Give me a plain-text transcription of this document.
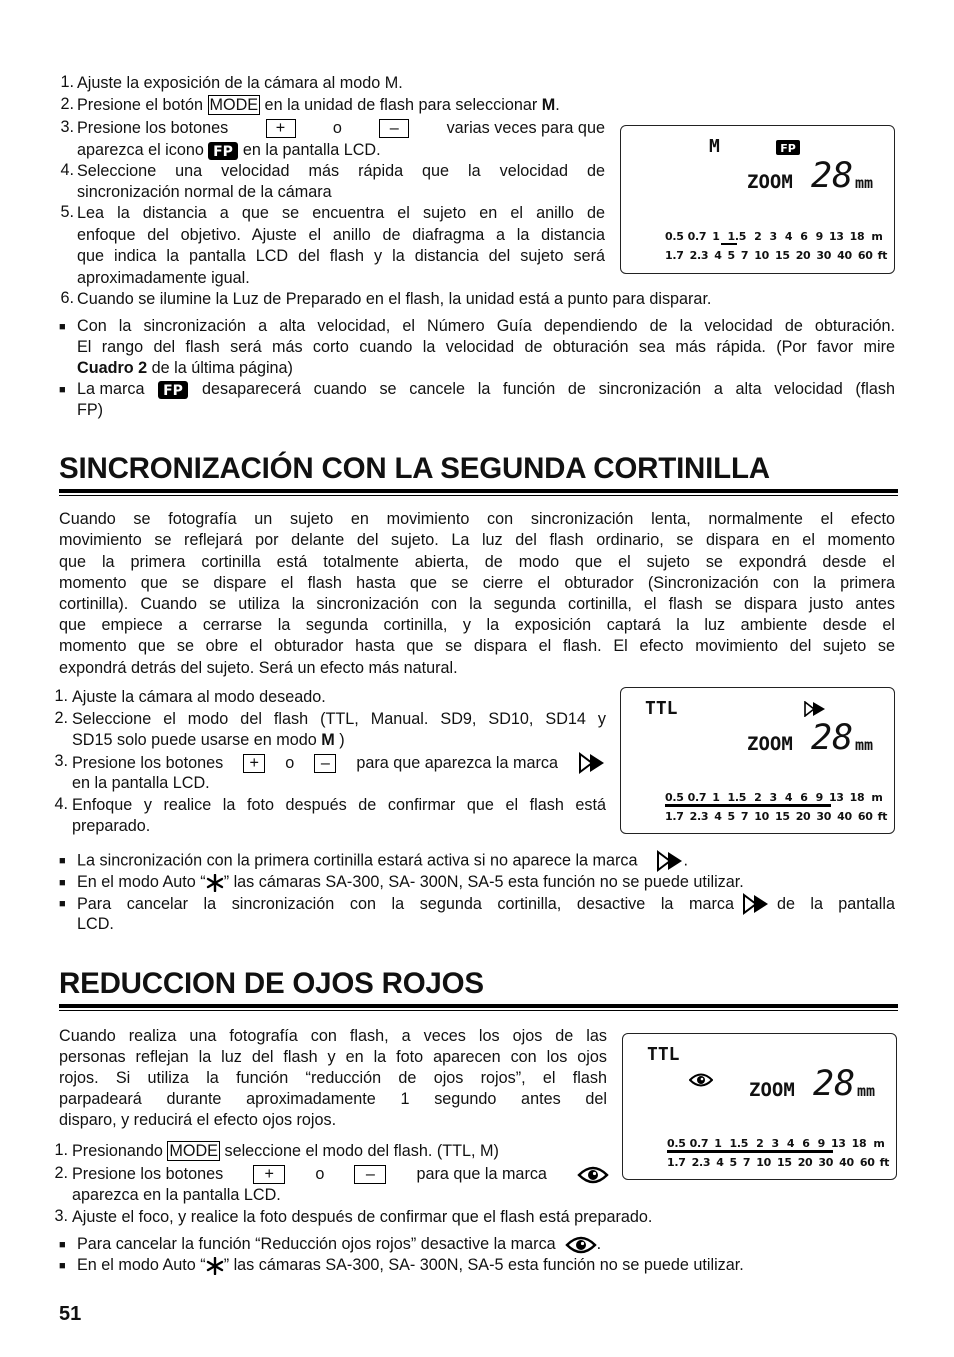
1. Ajuste la exposición de la cámara al modo M.
2. Presione el botón MODE en la unidad de flash para seleccionar M.
3. Presione los botones	+	o	–	varias veces para que
aparezca el icono FP en la pantalla LCD.
4. Seleccione una velocidad más rápida que la velocidad de
sincronización normal de la cámara
5. Lea la distancia a que se encuentra el sujeto en el anillo de
enfoque del objetivo. Ajuste el anillo de diafragma a la distancia
que indica la pantalla LCD del flash y la distancia del sujeto será
aproximadamente igual.
6. Cuando se ilumine la Luz de Preparado en el flash, la unidad está a punto para disparar.
M	FP
ZOOM 28 mm
0.5 0.7 1 1.5 2 3 4 6 9 13 18 m
1.7 2.3 4 5 7 10 15 20 30 40 60 ft
■ Con la sincronización a alta velocidad, el Número Guía dependiendo de la velocidad de obturación.
El rango del flash será más corto cuando la velocidad de obturación sea más rápida. (Por favor mire
Cuadro 2 de la última página)
■ La marca FP desaparecerá cuando se cancele la función de sincronización a alta velocidad (flash
FP)
SINCRONIZACIÓN CON LA SEGUNDA CORTINILLA
Cuando se fotografía un sujeto en movimiento con sincronización lenta, normalmente el efecto
movimiento se reflejará por delante del sujeto. La luz del flash ordinario, se dispara en el momento
que la primera cortinilla está totalmente abierta, de modo que el sujeto se expondrá desde el
momento que se dispare el flash hasta que se cierre el obturador (Sincronización con la primera
cortinilla). Cuando se utiliza la sincronización con la segunda cortinilla, el flash se dispara justo antes
que empiece a cerrarse la segunda cortinilla, y la exposición captará la luz ambiente desde el
momento que se obre el obturador hasta que se dispara el flash. El efecto movimiento del sujeto se
expondrá detrás del sujeto. Será un efecto más natural.
1. Ajuste la cámara al modo deseado.
2. Seleccione el modo del flash (TTL, Manual. SD9, SD10, SD14 y
SD15 solo puede usarse en modo M )
3. Presione los botones	+	o	–	para que aparezca la marca
en la pantalla LCD.
4. Enfoque y realice la foto después de confirmar que el flash está
preparado.
TTL
ZOOM 28 mm
0.5 0.7 1 1.5 2 3 4 6 9 13 18 m
1.7 2.3 4 5 7 10 15 20 30 40 60 ft
■ La sincronización con la primera cortinilla estará activa si no aparece la marca	.
■ En el modo Auto “ ” las cámaras SA-300, SA- 300N, SA-5 esta función no se puede utilizar.
■ Para cancelar la sincronización con la segunda cortinilla, desactive la marca	de la pantalla
LCD.
REDUCCION DE OJOS ROJOS
Cuando realiza una fotografía con flash, a veces los ojos de las
personas reflejan la luz del flash y en la foto aparecen con los ojos
rojos. Si utiliza la función “reducción de ojos rojos”, el flash
parpadeará durante aproximadamente 1 segundo antes del
disparo, y reducirá el efecto ojos rojos.
1. Presionando MODE seleccione el modo del flash. (TTL, M)
2. Presione los botones	+	o	–	para que la marca
aparezca en la pantalla LCD.
3. Ajuste el foco, y realice la foto después de confirmar que el flash está preparado.
TTL
ZOOM 28 mm
0.5 0.7 1 1.5 2 3 4 6 9 13 18 m
1.7 2.3 4 5 7 10 15 20 30 40 60 ft
■ Para cancelar la función “Reducción ojos rojos” desactive la marca	.
■ En el modo Auto “ ” las cámaras SA-300, SA- 300N, SA-5 esta función no se puede utilizar.
51
